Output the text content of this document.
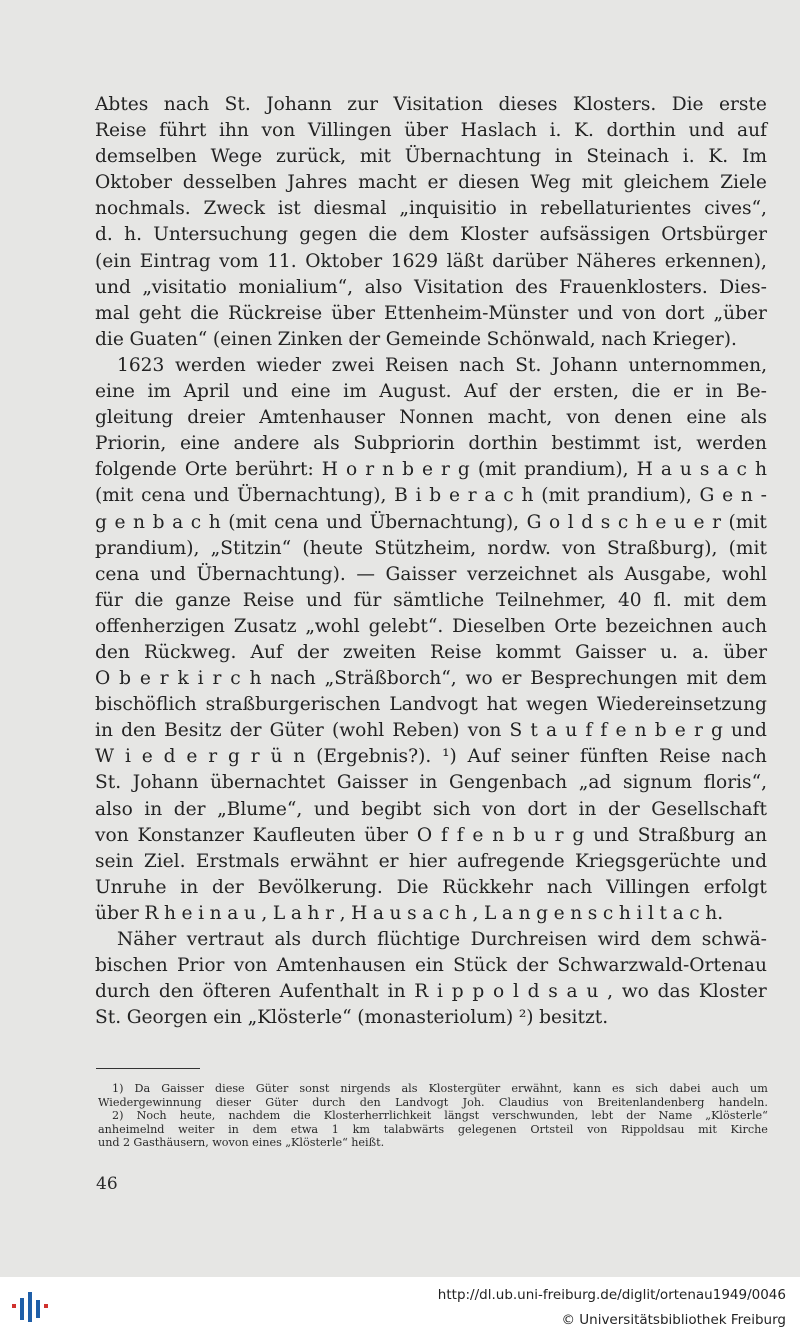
Abtes nach St. Johann zur Visitation dieses Klosters. Die erste
Reise führt ihn von Villingen über Haslach i. K. dorthin und auf
demselben Wege zurück, mit Übernachtung in Steinach i. K. Im
Oktober desselben Jahres macht er diesen Weg mit gleichem Ziele
nochmals. Zweck ist diesmal „inquisitio in rebellaturientes cives“,
d. h. Untersuchung gegen die dem Kloster aufsässigen Ortsbürger
(ein Eintrag vom 11. Oktober 1629 läßt darüber Näheres erkennen),
und „visitatio monialium“, also Visitation des Frauenklosters. Dies-
mal geht die Rückreise über Ettenheim-Münster und von dort „über
die Guaten“ (einen Zinken der Gemeinde Schönwald, nach Krieger).
1623 werden wieder zwei Reisen nach St. Johann unternommen,
eine im April und eine im August. Auf der ersten, die er in Be-
gleitung dreier Amtenhauser Nonnen macht, von denen eine als
Priorin, eine andere als Subpriorin dorthin bestimmt ist, werden
folgende Orte berührt: H o r n b e r g (mit prandium), H a u s a c h
(mit cena und Übernachtung), B i b e r a c h (mit prandium), G e n -
g e n b a c h (mit cena und Übernachtung), G o l d s c h e u e r (mit
prandium), „Stitzin“ (heute Stützheim, nordw. von Straßburg), (mit
cena und Übernachtung). — Gaisser verzeichnet als Ausgabe, wohl
für die ganze Reise und für sämtliche Teilnehmer, 40 fl. mit dem
offenherzigen Zusatz „wohl gelebt“. Dieselben Orte bezeichnen auch
den Rückweg. Auf der zweiten Reise kommt Gaisser u. a. über
O b e r k i r c h nach „Sträßborch“, wo er Besprechungen mit dem
bischöflich straßburgerischen Landvogt hat wegen Wiedereinsetzung
in den Besitz der Güter (wohl Reben) von S t a u f f e n b e r g und
W i e d e r g r ü n (Ergebnis?). ¹) Auf seiner fünften Reise nach
St. Johann übernachtet Gaisser in Gengenbach „ad signum floris“,
also in der „Blume“, und begibt sich von dort in der Gesellschaft
von Konstanzer Kaufleuten über O f f e n b u r g und Straßburg an
sein Ziel. Erstmals erwähnt er hier aufregende Kriegsgerüchte und
Unruhe in der Bevölkerung. Die Rückkehr nach Villingen erfolgt
über R h e i n a u , L a h r , H a u s a c h , L a n g e n s c h i l t a c h.
Näher vertraut als durch flüchtige Durchreisen wird dem schwä-
bischen Prior von Amtenhausen ein Stück der Schwarzwald-Ortenau
durch den öfteren Aufenthalt in R i p p o l d s a u , wo das Kloster
St. Georgen ein „Klösterle“ (monasteriolum) ²) besitzt.
1) Da Gaisser diese Güter sonst nirgends als Klostergüter erwähnt, kann es sich dabei auch um
Wiedergewinnung dieser Güter durch den Landvogt Joh. Claudius von Breitenlandenberg handeln.
2) Noch heute, nachdem die Klosterherrlichkeit längst verschwunden, lebt der Name „Klösterle“
anheimelnd weiter in dem etwa 1 km talabwärts gelegenen Ortsteil von Rippoldsau mit Kirche
und 2 Gasthäusern, wovon eines „Klösterle“ heißt.
46
http://dl.ub.uni-freiburg.de/diglit/ortenau1949/0046
© Universitätsbibliothek Freiburg
